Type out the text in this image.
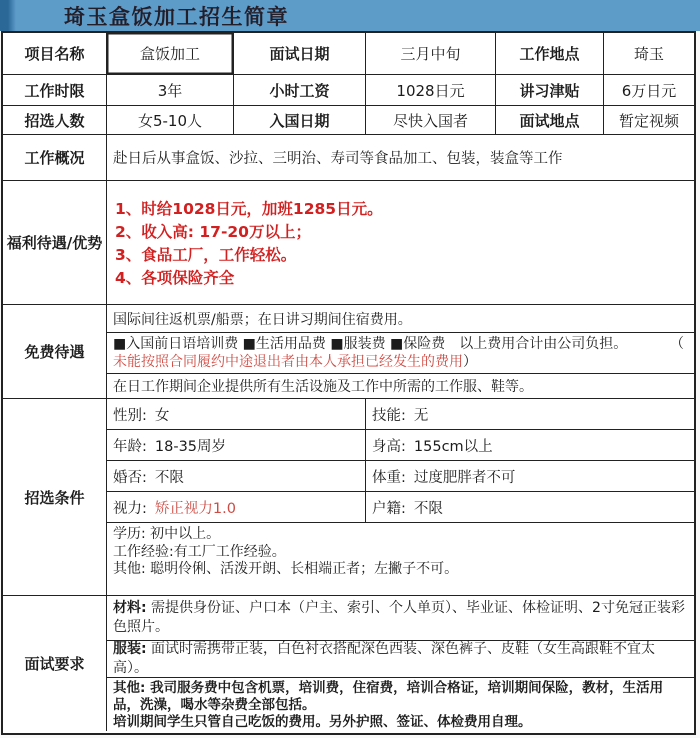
琦玉盒饭加工招生简章
项目名称	盒饭加工	面试日期	三月中旬	工作地点	琦玉
工作时限	3年	小时工资	1028日元	讲习津贴	6万日元
招选人数	女5-10人	入国日期	尽快入国者	面试地点	暂定视频
工作概况	赴日后从事盒饭、沙拉、三明治、寿司等食品加工、包装，装盒等工作
福利待遇/优势
1、时给1028日元，加班1285日元。
2、收入高: 17-20万以上；
3、食品工厂，工作轻松。
4、各项保险齐全
免费待遇
国际间往返机票/船票；在日讲习期间住宿费用。
■入国前日语培训费 ■生活用品费 ■服装费 ■保险费　以上费用合计由公司负担。	（
未能按照合同履约中途退出者由本人承担已经发生的费用）
在日工作期间企业提供所有生活设施及工作中所需的工作服、鞋等。
招选条件
性别: 女	技能: 无
年龄: 18-35周岁	身高: 155cm以上
婚否: 不限	体重: 过度肥胖者不可
视力: 矫正视力1.0	户籍: 不限
学历: 初中以上。
工作经验:有工厂工作经验。
其他: 聪明伶俐、活泼开朗、长相端正者；左撇子不可。
面试要求
材料: 需提供身份证、户口本（户主、索引、个人单页）、毕业证、体检证明、2寸免冠正装彩色照片。
服装: 面试时需携带正装，白色衬衣搭配深色西装、深色裤子、皮鞋（女生高跟鞋不宜太高）。
其他: 我司服务费中包含机票，培训费，住宿费，培训合格证，培训期间保险，教材，生活用品，洗澡，喝水等杂费全部包括。
培训期间学生只管自己吃饭的费用。另外护照、签证、体检费用自理。
